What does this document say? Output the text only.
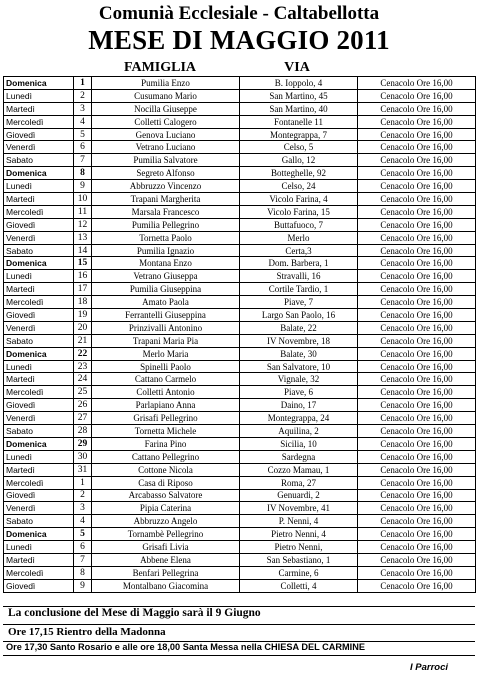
Comunià Ecclesiale - Caltabellotta
MESE DI MAGGIO 2011
FAMIGLIA	VIA
Domenica	1	Pumilia Enzo	B. Ioppolo, 4	Cenacolo Ore 16,00
Lunedì	2	Cusumano Mario	San Martino, 45	Cenacolo Ore 16,00
Martedì	3	Nocilla Giuseppe	San Martino, 40	Cenacolo Ore 16,00
Mercoledì	4	Colletti Calogero	Fontanelle 11	Cenacolo Ore 16,00
Giovedì	5	Genova Luciano	Montegrappa, 7	Cenacolo Ore 16,00
Venerdì	6	Vetrano Luciano	Celso, 5	Cenacolo Ore 16,00
Sabato	7	Pumilia Salvatore	Gallo, 12	Cenacolo Ore 16,00
Domenica	8	Segreto Alfonso	Botteghelle, 92	Cenacolo Ore 16,00
Lunedì	9	Abbruzzo Vincenzo	Celso, 24	Cenacolo Ore 16,00
Martedì	10	Trapani Margherita	Vicolo Farina, 4	Cenacolo Ore 16,00
Mercoledì	11	Marsala Francesco	Vicolo Farina, 15	Cenacolo Ore 16,00
Giovedì	12	Pumilia Pellegrino	Buttafuoco, 7	Cenacolo Ore 16,00
Venerdì	13	Tornetta Paolo	Merlo	Cenacolo Ore 16,00
Sabato	14	Pumilia Ignazio	Certa,3	Cenacolo Ore 16,00
Domenica	15	Montana Enzo	Dom. Barbera, 1	Cenacolo Ore 16,00
Lunedì	16	Vetrano Giuseppa	Stravalli, 16	Cenacolo Ore 16,00
Martedì	17	Pumilia Giuseppina	Cortile Tardio, 1	Cenacolo Ore 16,00
Mercoledì	18	Amato Paola	Piave, 7	Cenacolo Ore 16,00
Giovedì	19	Ferrantelli Giuseppina	Largo San Paolo, 16	Cenacolo Ore 16,00
Venerdì	20	Prinzivalli Antonino	Balate, 22	Cenacolo Ore 16,00
Sabato	21	Trapani Maria Pia	IV Novembre, 18	Cenacolo Ore 16,00
Domenica	22	Merlo Maria	Balate, 30	Cenacolo Ore 16,00
Lunedì	23	Spinelli Paolo	San Salvatore, 10	Cenacolo Ore 16,00
Martedì	24	Cattano Carmelo	Vignale, 32	Cenacolo Ore 16,00
Mercoledì	25	Colletti Antonio	Piave, 6	Cenacolo Ore 16,00
Giovedì	26	Parlapiano Anna	Daino, 17	Cenacolo Ore 16,00
Venerdì	27	Grisafi Pellegrino	Montegrappa, 24	Cenacolo Ore 16,00
Sabato	28	Tornetta Michele	Aquilina, 2	Cenacolo Ore 16,00
Domenica	29	Farina Pino	Sicilia, 10	Cenacolo Ore 16,00
Lunedì	30	Cattano Pellegrino	Sardegna	Cenacolo Ore 16,00
Martedì	31	Cottone Nicola	Cozzo Mamau, 1	Cenacolo Ore 16,00
Mercoledì	1	Casa di Riposo	Roma, 27	Cenacolo Ore 16,00
Giovedì	2	Arcabasso Salvatore	Genuardi, 2	Cenacolo Ore 16,00
Venerdì	3	Pipia Caterina	IV Novembre, 41	Cenacolo Ore 16,00
Sabato	4	Abbruzzo Angelo	P. Nenni, 4	Cenacolo Ore 16,00
Domenica	5	Tornambè Pellegrino	Pietro Nenni, 4	Cenacolo Ore 16,00
Lunedì	6	Grisafi Livia	Pietro Nenni,	Cenacolo Ore 16,00
Martedì	7	Abbene Elena	San Sebastiano, 1	Cenacolo Ore 16,00
Mercoledì	8	Benfari Pellegrina	Carmine, 6	Cenacolo Ore 16,00
Giovedì	9	Montalbano Giacomina	Colletti, 4	Cenacolo Ore 16,00
La conclusione del Mese di Maggio sarà il 9 Giugno
Ore 17,15 Rientro della Madonna
Ore 17,30 Santo Rosario e alle ore 18,00 Santa Messa nella CHIESA DEL CARMINE
I Parroci
